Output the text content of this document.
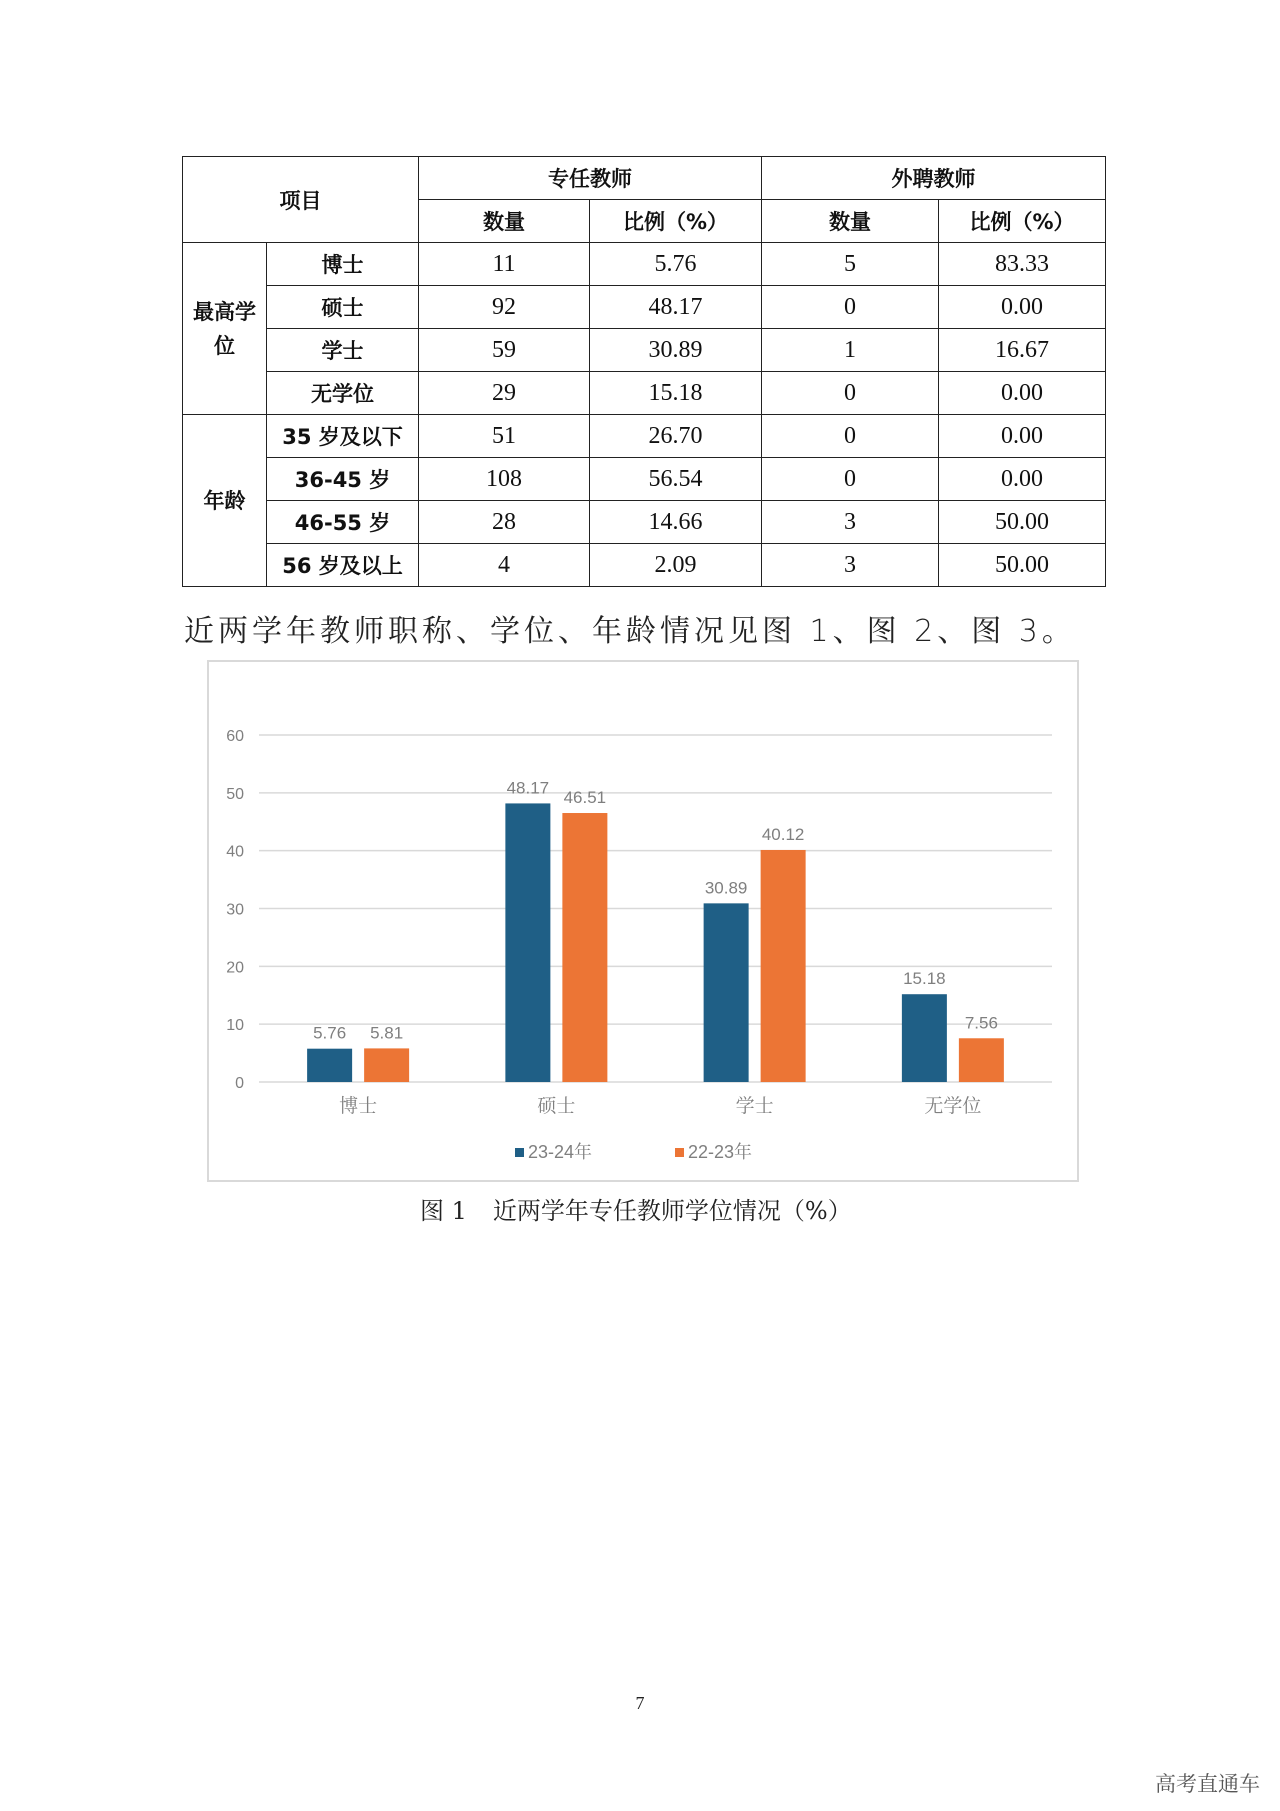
项目		专任教师		外聘教师	
		数量	比例（%）	数量	比例（%）
最高学位	博士	11	5.76	5	83.33
	硕士	92	48.17	0	0.00
	学士	59	30.89	1	16.67
	无学位	29	15.18	0	0.00
年龄	35 岁及以下	51	26.70	0	0.00
	36-45 岁	108	56.54	0	0.00
	46-55 岁	28	14.66	3	50.00
	56 岁及以上	4	2.09	3	50.00
近两学年教师职称、学位、年龄情况见图 1、图 2、图 3。
0
10
20
30
40
50
60
5.76 5.81
博士
48.17
46.51
硕士
30.89
40.12
学士
15.18
7.56
无学位
23-24年	22-23年
图 1 近两学年专任教师学位情况（%）
7
高考直通车
